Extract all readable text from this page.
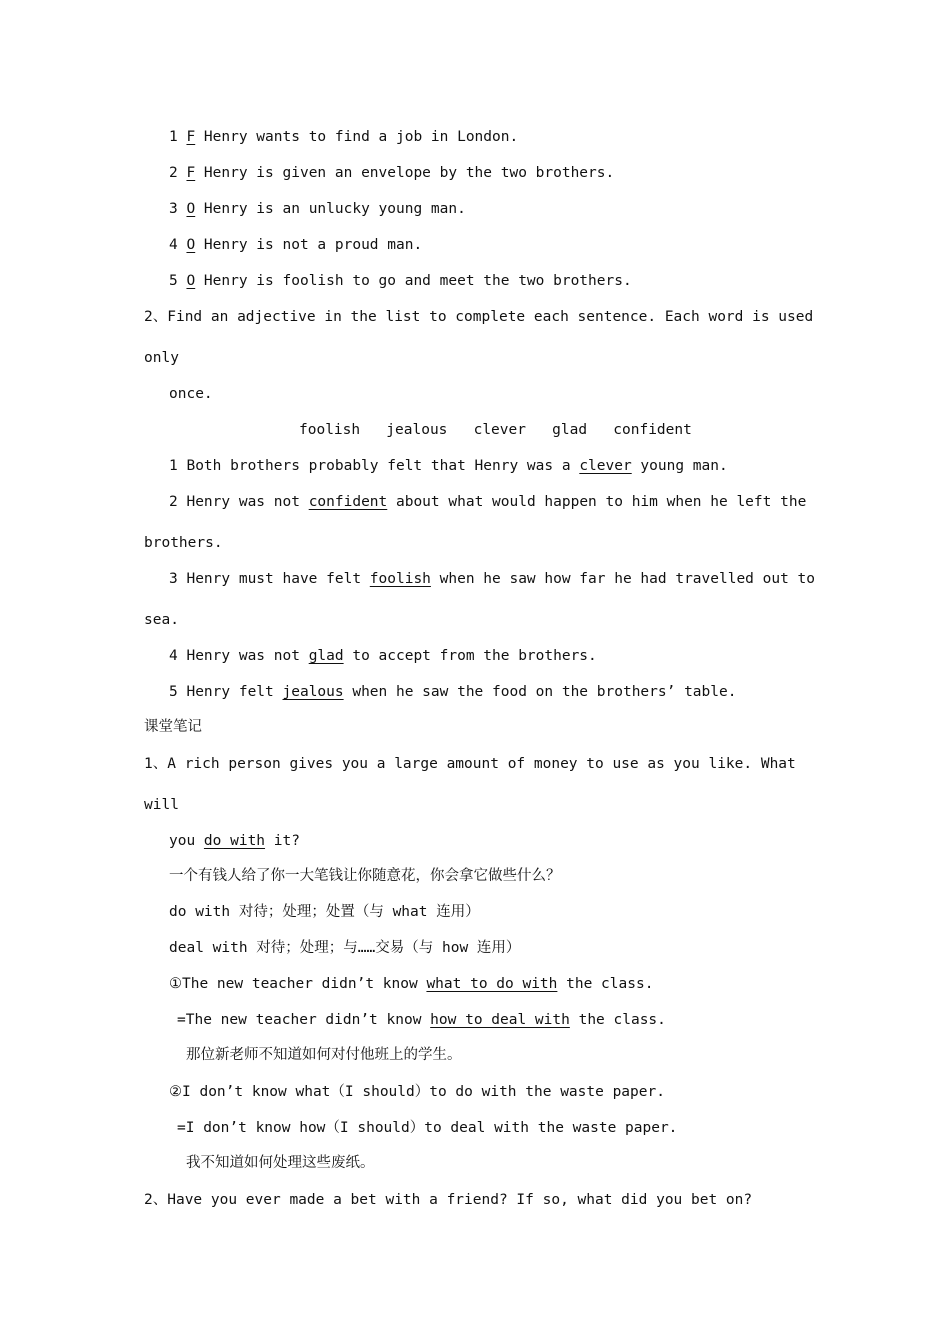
1 F Henry wants to find a job in London.
2 F Henry is given an envelope by the two brothers.
3 O Henry is an unlucky young man.
4 O Henry is not a proud man.
5 O Henry is foolish to go and meet the two brothers.
2、Find an adjective in the list to complete each sentence. Each word is used
only
once.
foolish   jealous   clever   glad   confident
1 Both brothers probably felt that Henry was a clever young man.
2 Henry was not confident about what would happen to him when he left the
brothers.
3 Henry must have felt foolish when he saw how far he had travelled out to
sea.
4 Henry was not glad to accept from the brothers.
5 Henry felt jealous when he saw the food on the brothers’ table.
课堂笔记
1、A rich person gives you a large amount of money to use as you like. What
will
you do with it?
一个有钱人给了你一大笔钱让你随意花，你会拿它做些什么？
do with 对待；处理；处置（与 what 连用）
deal with 对待；处理；与……交易（与 how 连用）
①The new teacher didn’t know what to do with the class.
=The new teacher didn’t know how to deal with the class.
那位新老师不知道如何对付他班上的学生。
②I don’t know what（I should）to do with the waste paper.
=I don’t know how（I should）to deal with the waste paper.
我不知道如何处理这些废纸。
2、Have you ever made a bet with a friend? If so, what did you bet on?
